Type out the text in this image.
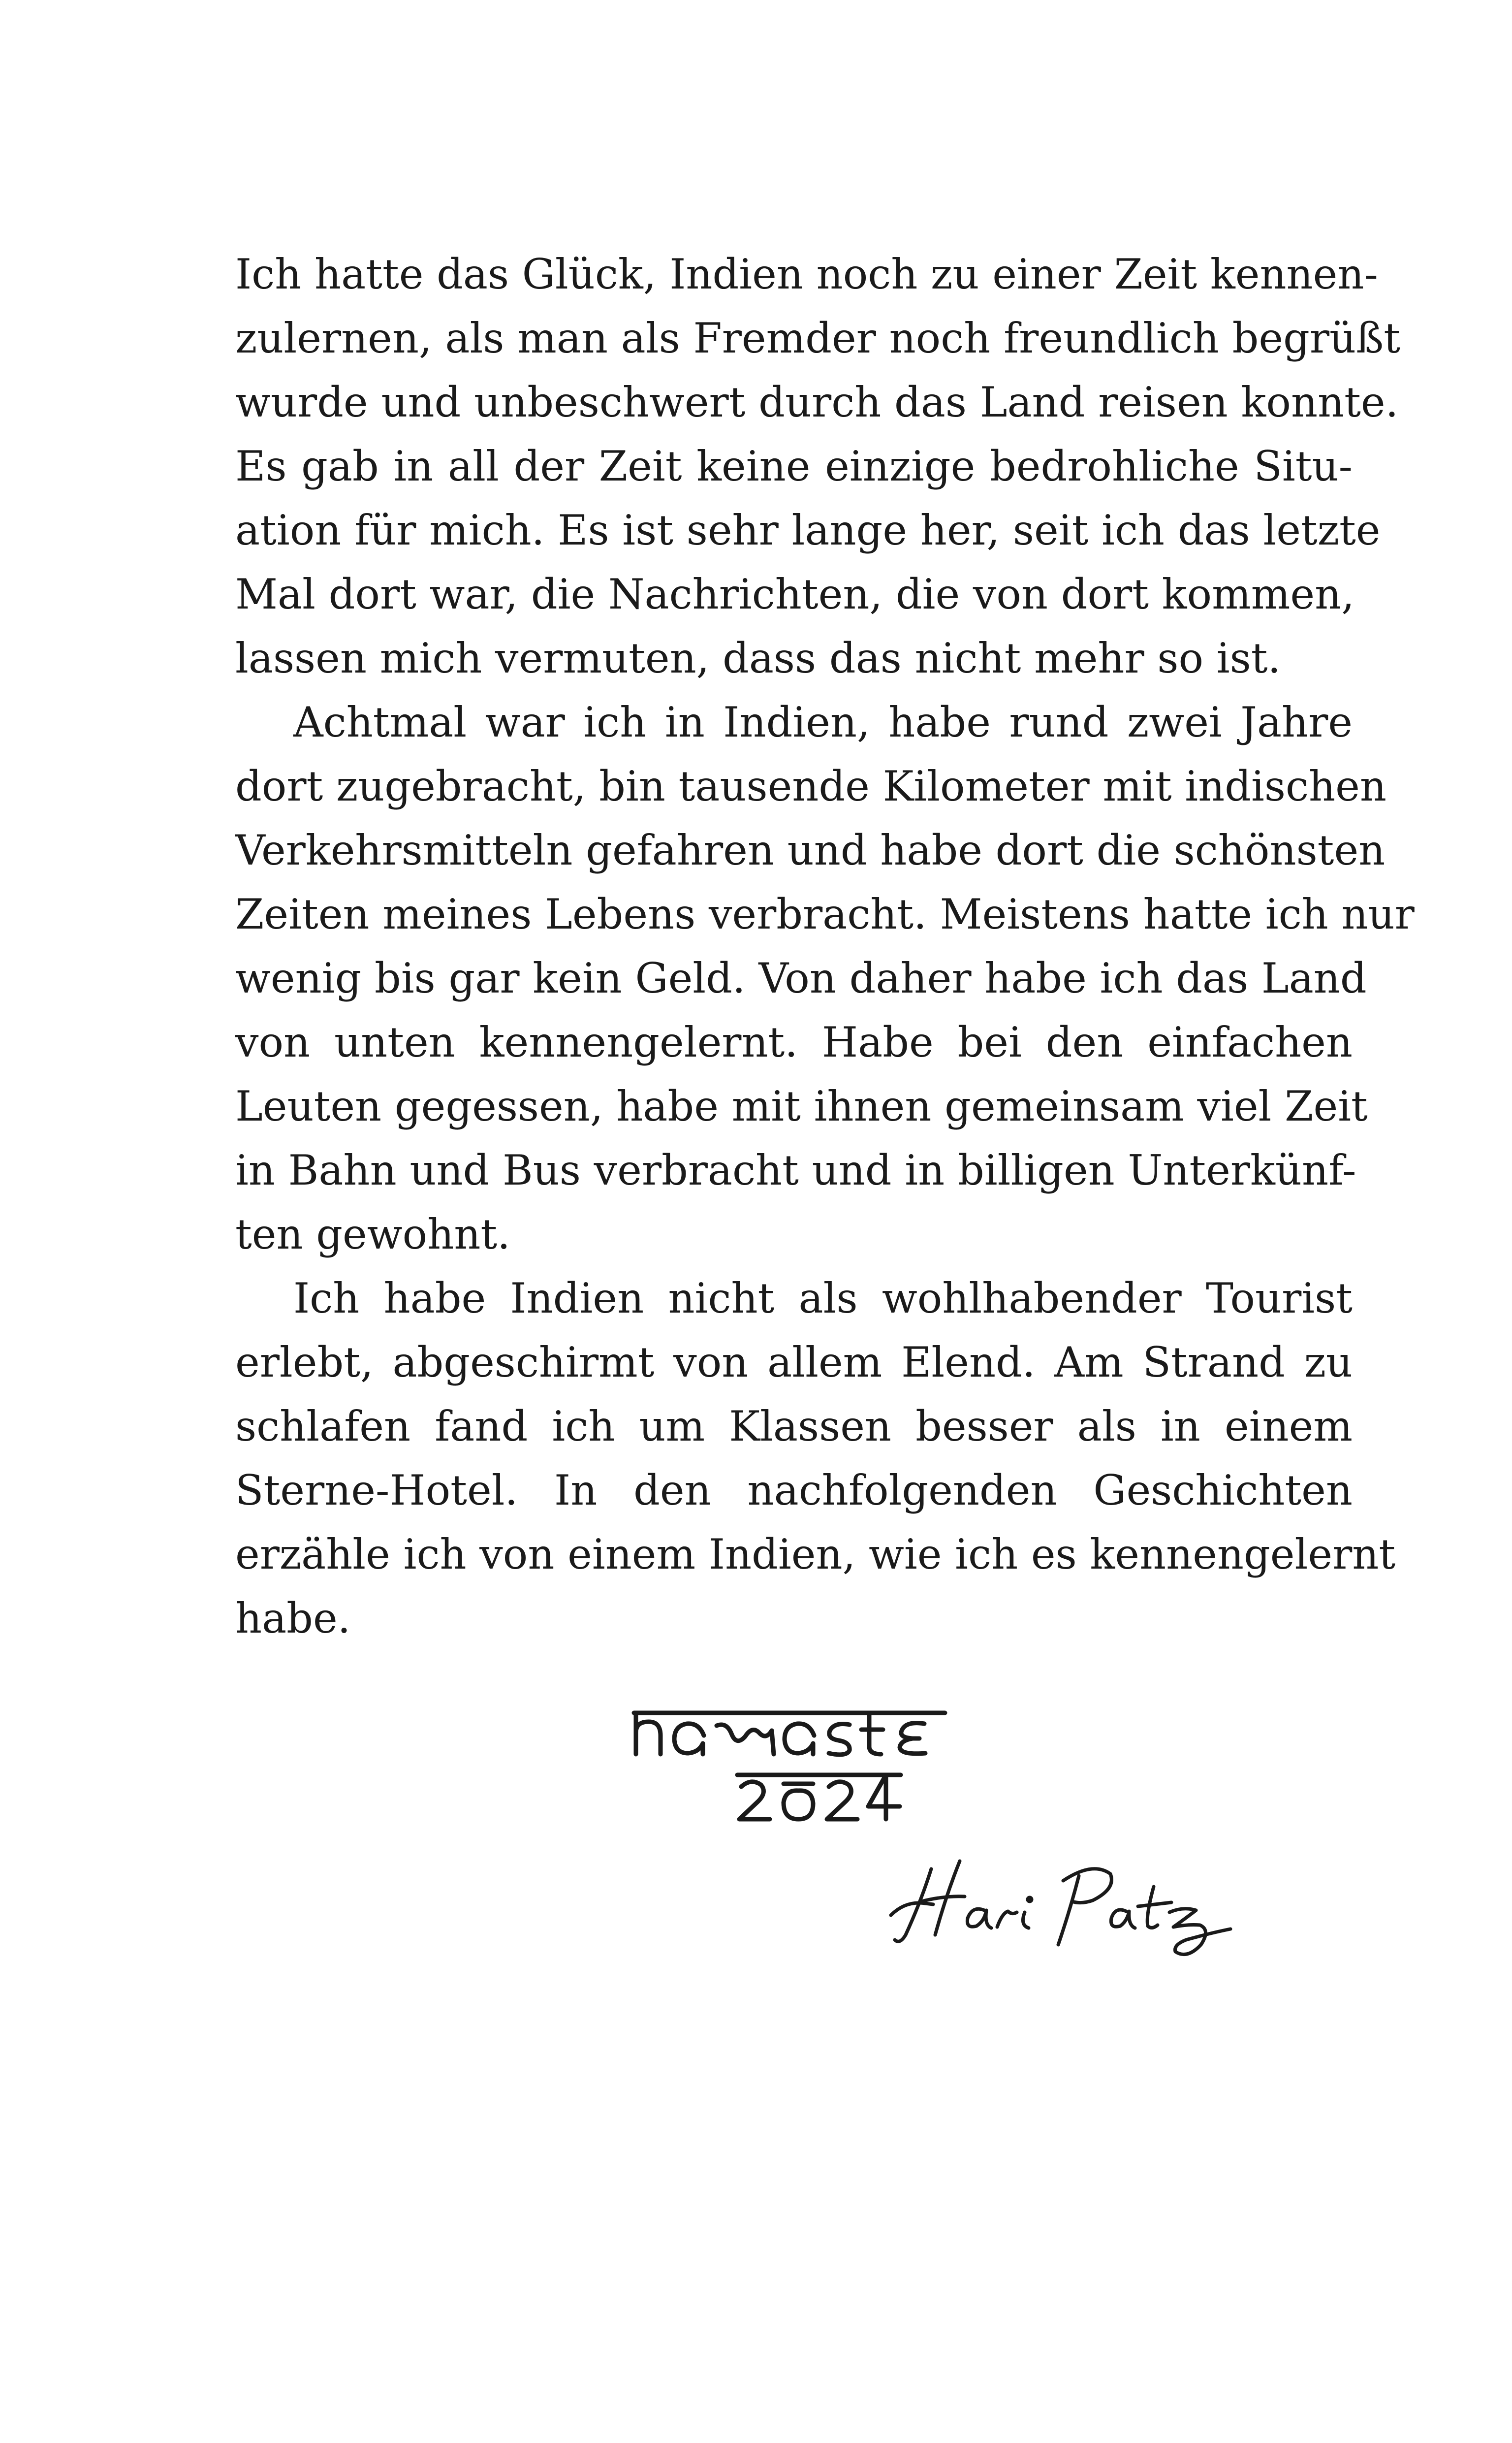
Ich hatte das Glück, Indien noch zu einer Zeit kennen-
zulernen, als man als Fremder noch freundlich begrüßt
wurde und unbeschwert durch das Land reisen konnte.
Es gab in all der Zeit keine einzige bedrohliche Situ-
ation für mich. Es ist sehr lange her, seit ich das letzte
Mal dort war, die Nachrichten, die von dort kommen,
lassen mich vermuten, dass das nicht mehr so ist.
Achtmal war ich in Indien, habe rund zwei Jahre
dort zugebracht, bin tausende Kilometer mit indischen
Verkehrsmitteln gefahren und habe dort die schönsten
Zeiten meines Lebens verbracht. Meistens hatte ich nur
wenig bis gar kein Geld. Von daher habe ich das Land
von unten kennengelernt. Habe bei den einfachen
Leuten gegessen, habe mit ihnen gemeinsam viel Zeit
in Bahn und Bus verbracht und in billigen Unterkünf-
ten gewohnt.
Ich habe Indien nicht als wohlhabender Tourist
erlebt, abgeschirmt von allem Elend. Am Strand zu
schlafen fand ich um Klassen besser als in einem
Sterne-Hotel. In den nachfolgenden Geschichten
erzähle ich von einem Indien, wie ich es kennengelernt
habe.
